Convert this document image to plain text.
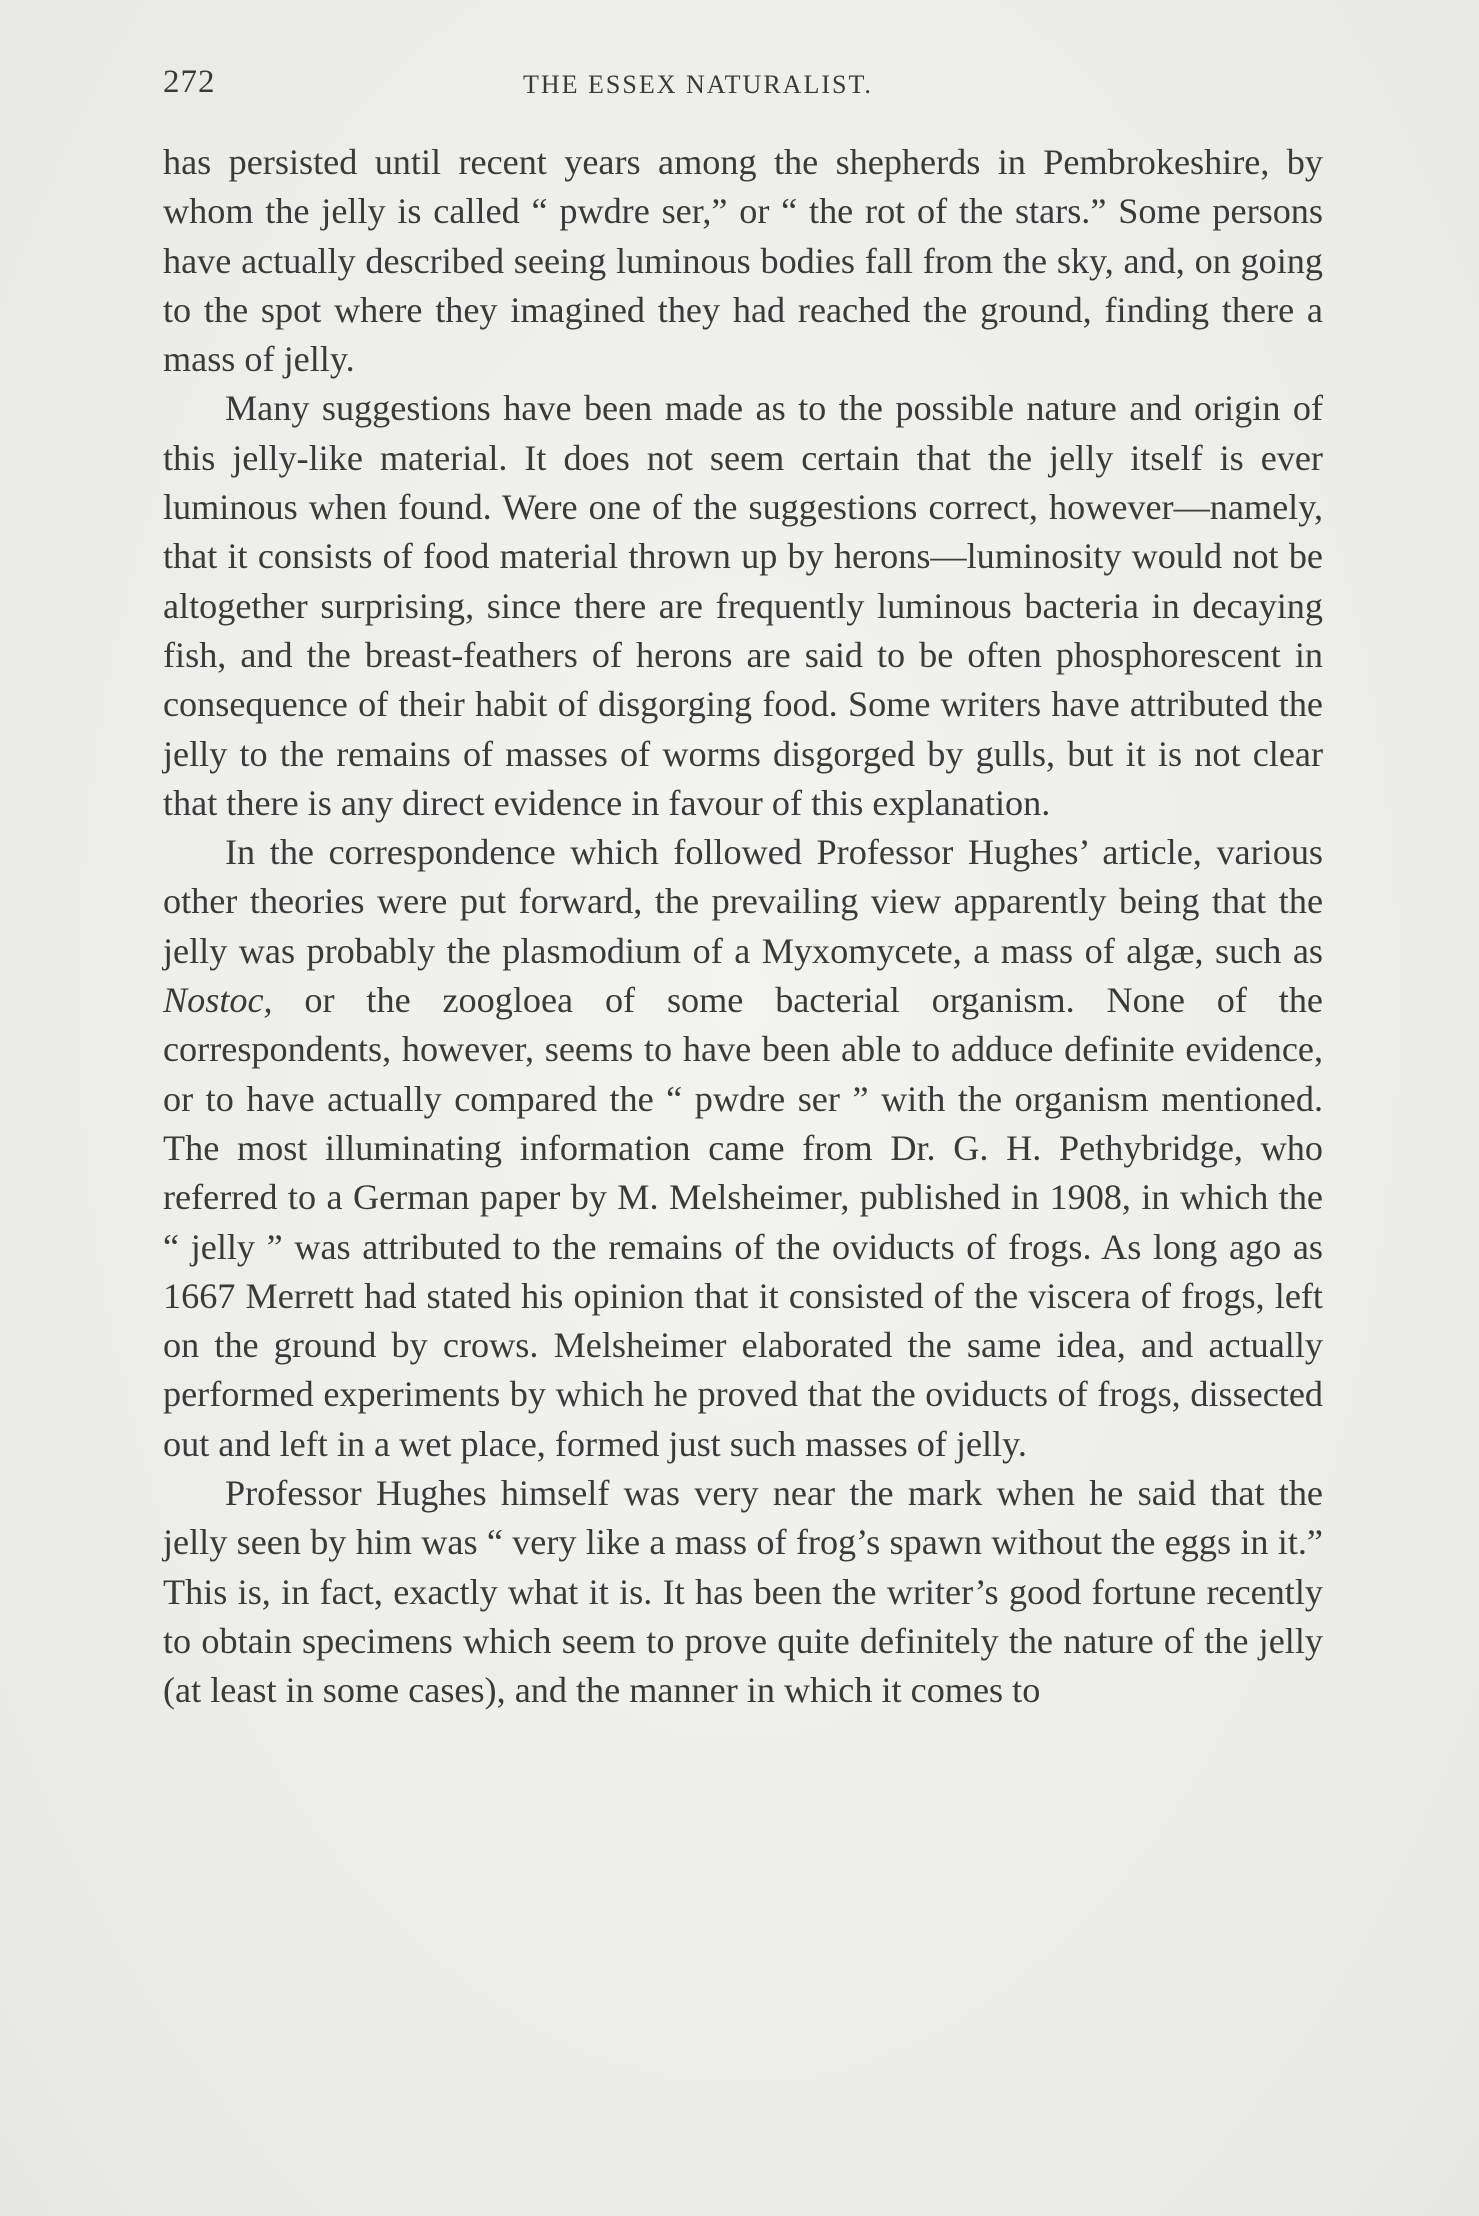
272	THE ESSEX NATURALIST.

has persisted until recent years among the shepherds in Pembrokeshire, by whom the jelly is called “ pwdre ser,” or “ the rot of the stars.” Some persons have actually described seeing luminous bodies fall from the sky, and, on going to the spot where they imagined they had reached the ground, finding there a mass of jelly.

Many suggestions have been made as to the possible nature and origin of this jelly-like material. It does not seem certain that the jelly itself is ever luminous when found. Were one of the suggestions correct, however—namely, that it consists of food material thrown up by herons—luminosity would not be altogether surprising, since there are frequently luminous bacteria in decaying fish, and the breast-feathers of herons are said to be often phosphorescent in consequence of their habit of disgorging food. Some writers have attributed the jelly to the remains of masses of worms disgorged by gulls, but it is not clear that there is any direct evidence in favour of this explanation.

In the correspondence which followed Professor Hughes’ article, various other theories were put forward, the prevailing view apparently being that the jelly was probably the plasmodium of a Myxomycete, a mass of algæ, such as Nostoc, or the zoogloea of some bacterial organism. None of the correspondents, however, seems to have been able to adduce definite evidence, or to have actually compared the “ pwdre ser ” with the organism mentioned. The most illuminating information came from Dr. G. H. Pethybridge, who referred to a German paper by M. Melsheimer, published in 1908, in which the “ jelly ” was attributed to the remains of the oviducts of frogs. As long ago as 1667 Merrett had stated his opinion that it consisted of the viscera of frogs, left on the ground by crows. Melsheimer elaborated the same idea, and actually performed experiments by which he proved that the oviducts of frogs, dissected out and left in a wet place, formed just such masses of jelly.

Professor Hughes himself was very near the mark when he said that the jelly seen by him was “ very like a mass of frog’s spawn without the eggs in it.” This is, in fact, exactly what it is. It has been the writer’s good fortune recently to obtain specimens which seem to prove quite definitely the nature of the jelly (at least in some cases), and the manner in which it comes to
